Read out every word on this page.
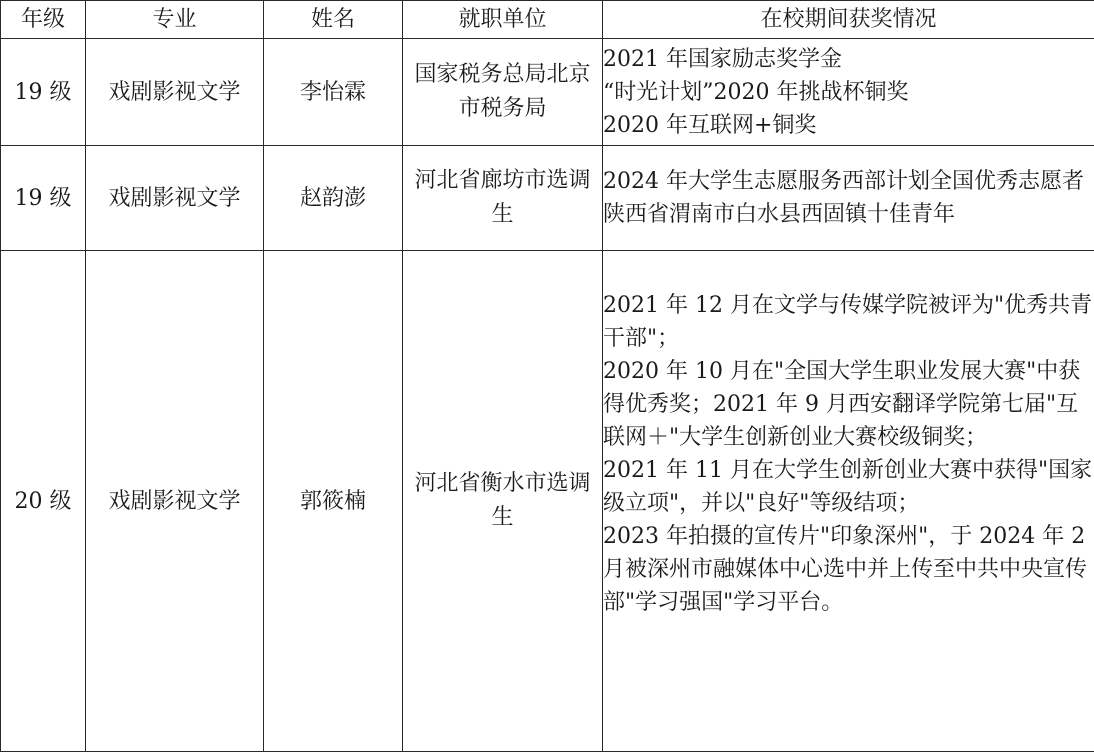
年级	专业	姓名	就职单位	在校期间获奖情况
19 级	戏剧影视文学	李怡霖	国家税务总局北京市税务局	2021 年国家励志奖学金
“时光计划”2020 年挑战杯铜奖
2020 年互联网+铜奖

19 级	戏剧影视文学	赵韵澎	河北省廊坊市选调生	2024 年大学生志愿服务西部计划全国优秀志愿者
陕西省渭南市白水县西固镇十佳青年

20 级	戏剧影视文学	郭筱楠	河北省衡水市选调生	2021 年 12 月在文学与传媒学院被评为"优秀共青干部"；
2020 年 10 月在"全国大学生职业发展大赛"中获得优秀奖；2021 年 9 月西安翻译学院第七届"互联网＋"大学生创新创业大赛校级铜奖；
2021 年 11 月在大学生创新创业大赛中获得"国家级立项"，并以"良好"等级结项；
2023 年拍摄的宣传片"印象深州"，于 2024 年 2 月被深州市融媒体中心选中并上传至中共中央宣传部"学习强国"学习平台。
